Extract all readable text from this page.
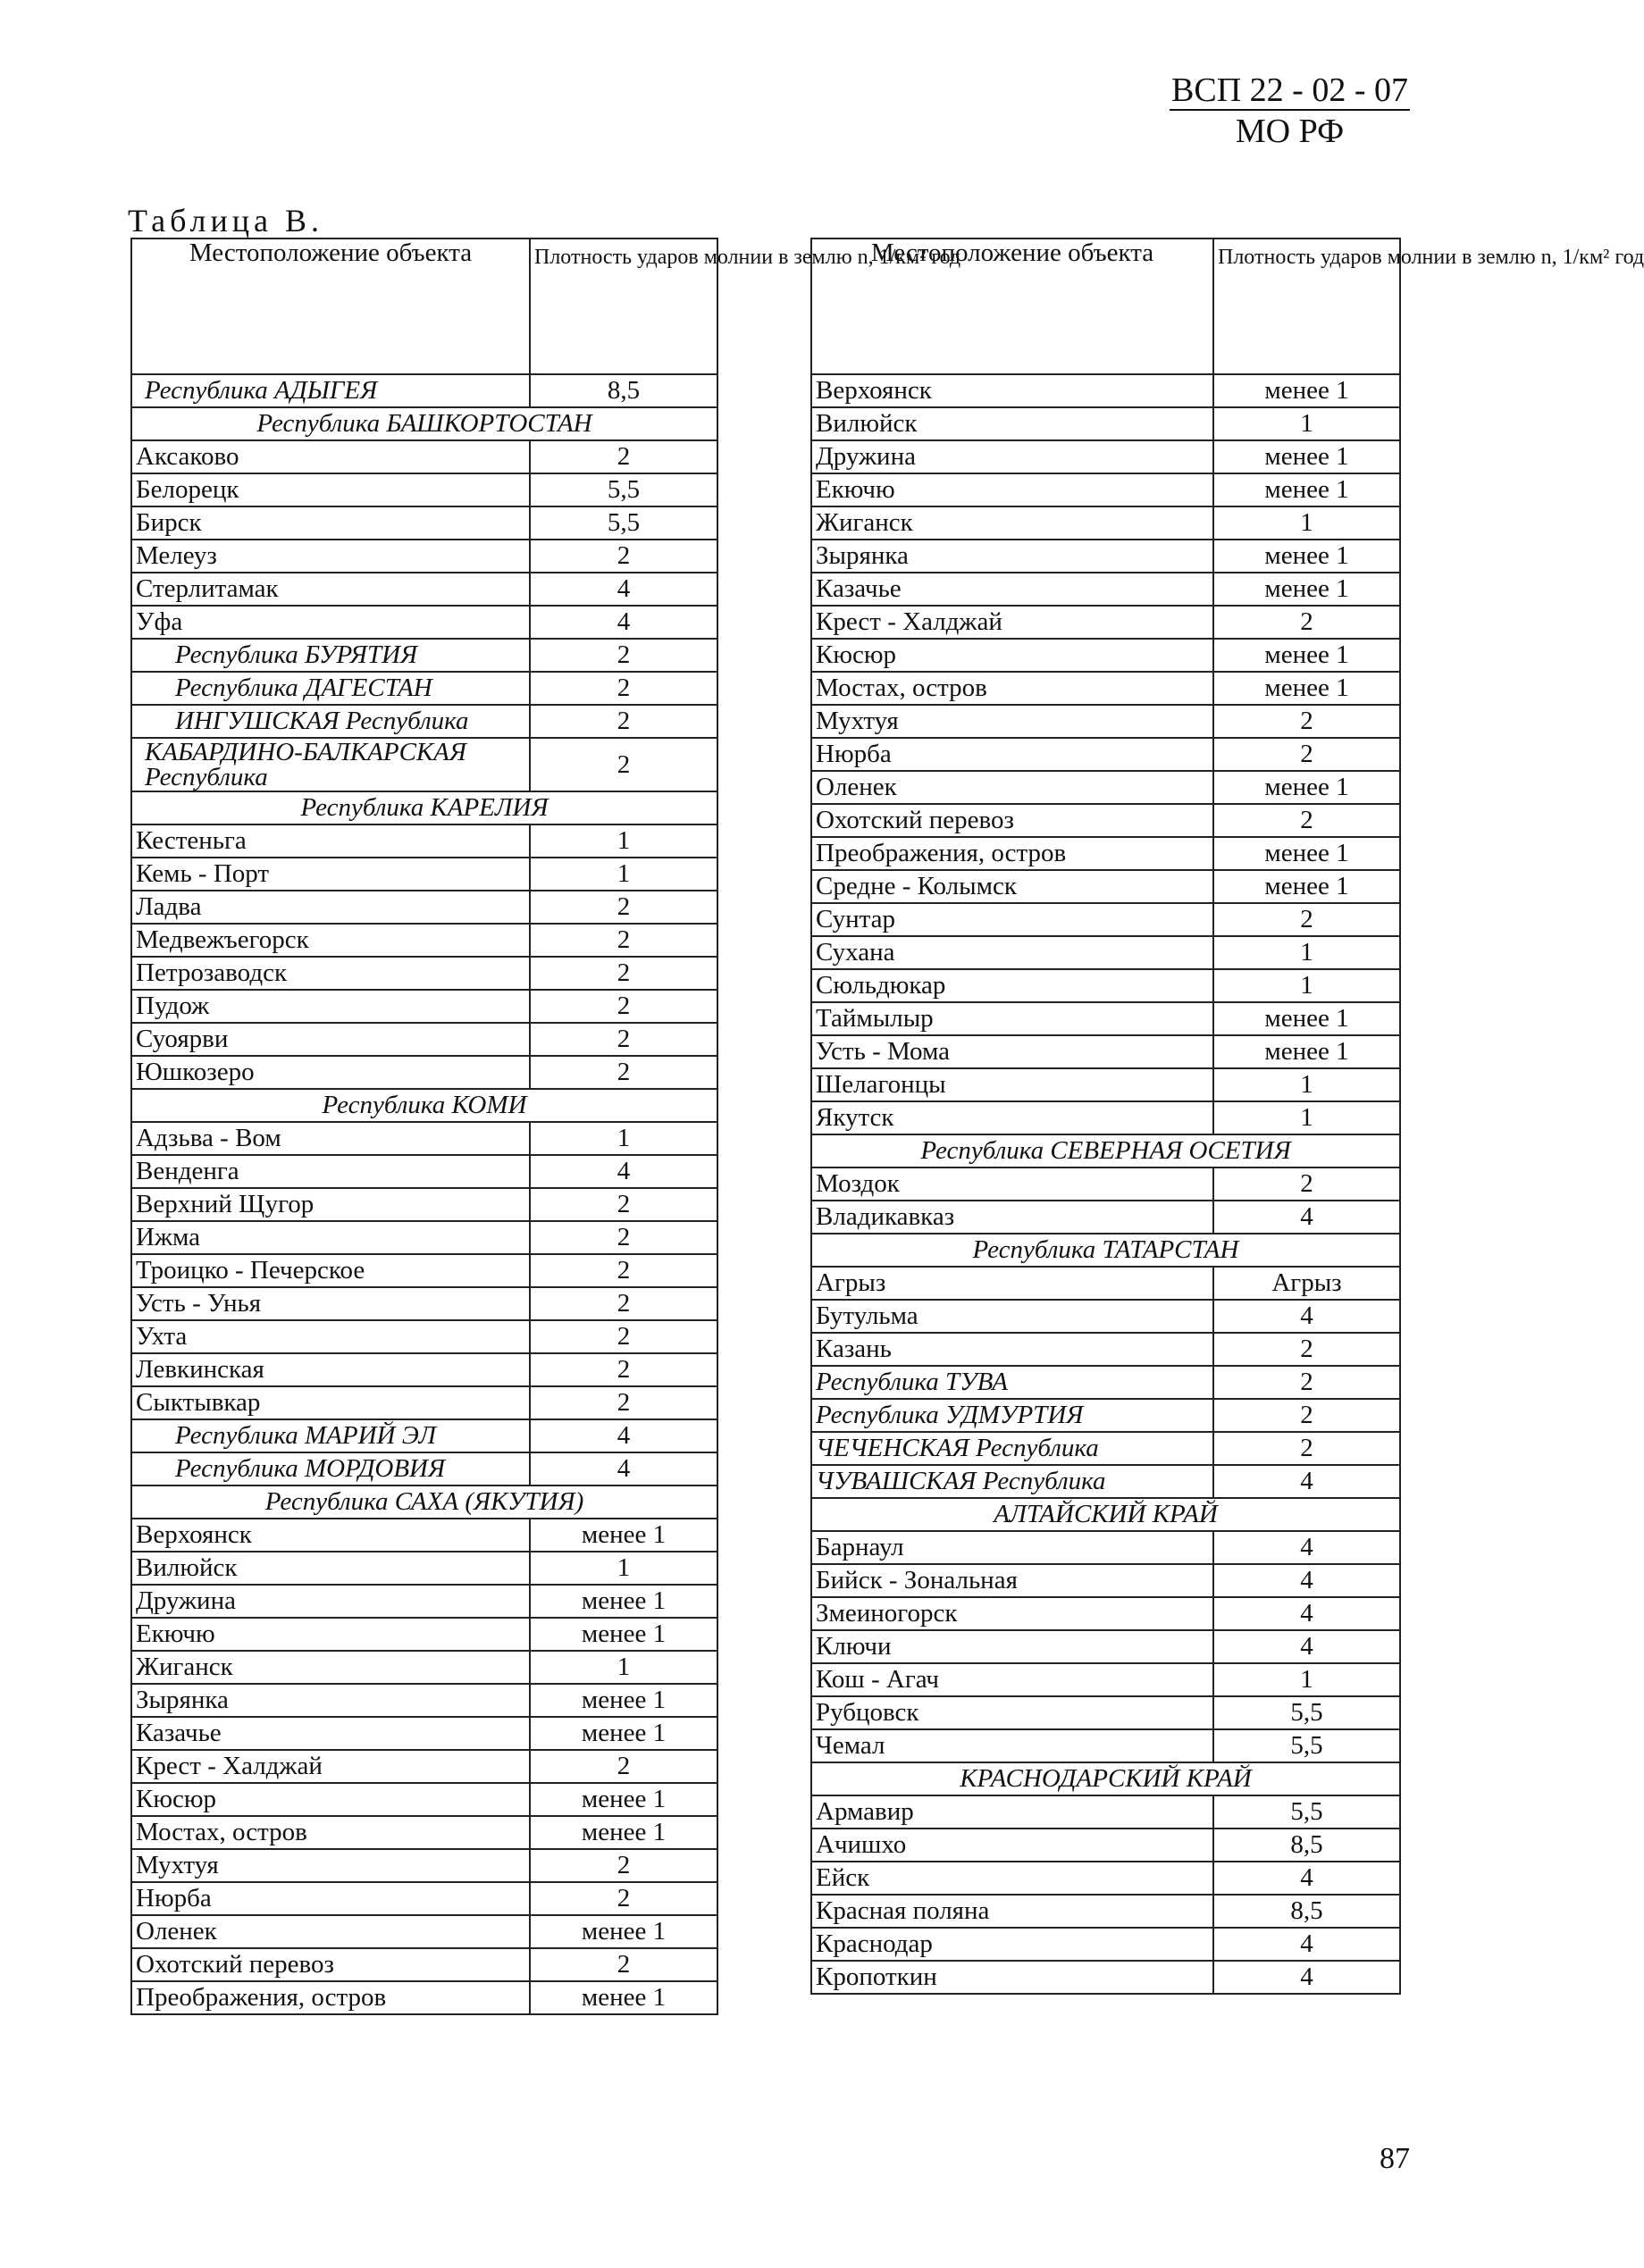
ВСП 22 - 02 - 07
МО РФ
Таблица В.
Местоположение объекта	Плотность ударов молнии в землю n, 1/км² год

Республика АДЫГЕЯ	8,5
Республика БАШКОРТОСТАН	
Аксаково	2
Белорецк	5,5
Бирск	5,5
Мелеуз	2
Стерлитамак	4
Уфа	4
Республика БУРЯТИЯ	2
Республика ДАГЕСТАН	2
ИНГУШСКАЯ Республика	2

КАБАРДИНО-БАЛКАРСКАЯ
Республика	2
Республика КАРЕЛИЯ	
Кестеньга	1
Кемь - Порт	1
Ладва	2
Медвежъегорск	2
Петрозаводск	2
Пудож	2
Суоярви	2
Юшкозеро	2
Республика КОМИ	
Адзьва - Вом	1
Венденга	4
Верхний Щугор	2
Ижма	2
Троицко - Печерское	2
Усть - Унья	2
Ухта	2
Левкинская	2
Сыктывкар	2
Республика МАРИЙ ЭЛ	4
Республика МОРДОВИЯ	4
Республика САХА (ЯКУТИЯ)	
Верхоянск	менее 1
Вилюйск	1
Дружина	менее 1
Екючю	менее 1
Жиганск	1
Зырянка	менее 1
Казачье	менее 1
Крест - Халджай	2
Кюсюр	менее 1
Мостах, остров	менее 1
Мухтуя	2
Нюрба	2
Оленек	менее 1
Охотский перевоз	2
Преображения, остров	менее 1
Местоположение объекта	Плотность ударов молнии в землю n, 1/км² год

Верхоянск	менее 1
Вилюйск	1
Дружина	менее 1
Екючю	менее 1
Жиганск	1
Зырянка	менее 1
Казачье	менее 1
Крест - Халджай	2
Кюсюр	менее 1
Мостах, остров	менее 1
Мухтуя	2
Нюрба	2
Оленек	менее 1
Охотский перевоз	2
Преображения, остров	менее 1
Средне - Колымск	менее 1
Сунтар	2
Сухана	1
Сюльдюкар	1
Таймылыр	менее 1
Усть - Мома	менее 1
Шелагонцы	1
Якутск	1
Республика СЕВЕРНАЯ ОСЕТИЯ	
Моздок	2
Владикавказ	4
Республика ТАТАРСТАН	
Агрыз	Агрыз
Бутульма	4
Казань	2
Республика ТУВА	2
Республика УДМУРТИЯ	2
ЧЕЧЕНСКАЯ Республика	2
ЧУВАШСКАЯ Республика	4
АЛТАЙСКИЙ КРАЙ	
Барнаул	4
Бийск - Зональная	4
Змеиногорск	4
Ключи	4
Кош - Агач	1
Рубцовск	5,5
Чемал	5,5
КРАСНОДАРСКИЙ КРАЙ	
Армавир	5,5
Ачишхо	8,5
Ейск	4
Красная поляна	8,5
Краснодар	4
Кропоткин	4
87
